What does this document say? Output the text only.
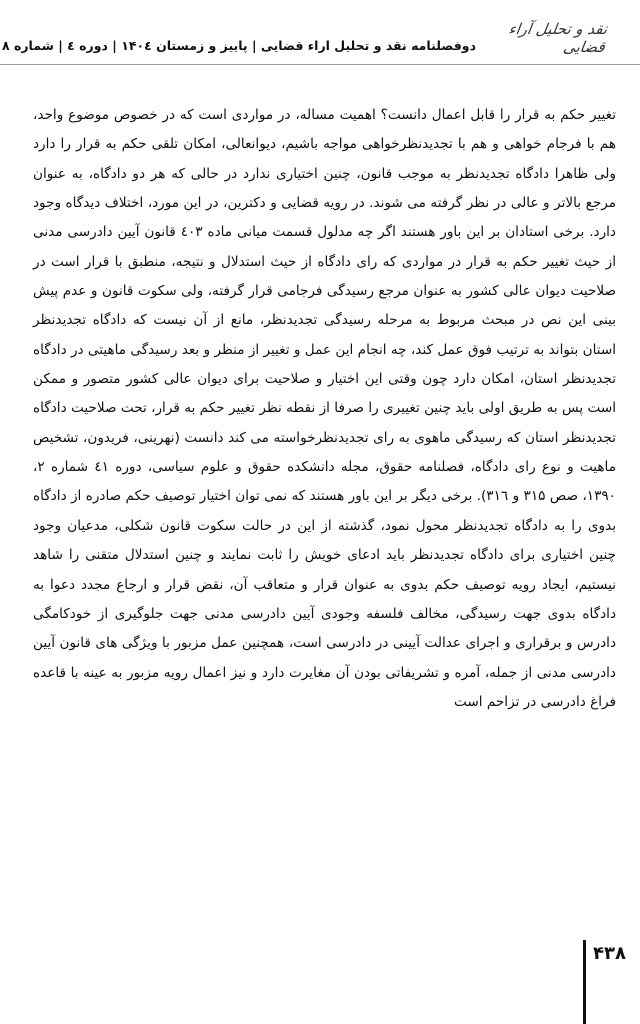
دوفصلنامه نقد و تحلیل اراء قضایی | پاییز و زمستان ۱۴۰٤ | دوره ٤ | شماره ۸
نقد و تحلیل آراء قضایی
تغییر حکم به قرار را قابل اعمال دانست؟ اهمیت مساله، در مواردی است که در خصوص موضوع واحد، هم با فرجام خواهی و هم با تجدیدنظرخواهی مواجه باشیم، دیوانعالی، امکان تلقی حکم به قرار را دارد ولی ظاهرا دادگاه تجدیدنظر به موجب قانون، چنین اختیاری ندارد در حالی که هر دو دادگاه، به عنوان مرجع بالاتر و عالی در نظر گرفته می شوند. در رویه قضایی و دکترین، در این مورد، اختلاف دیدگاه وجود دارد. برخی استادان بر این باور هستند اگر چه مدلول قسمت میانی ماده ٤٠۳ قانون آیین دادرسی مدنی از حیث تغییر حکم به قرار در مواردی که رای دادگاه از حیث استدلال و نتیجه، منطبق با قرار است در صلاحیت دیوان عالی کشور به عنوان مرجع رسیدگی فرجامی قرار گرفته، ولی سکوت قانون و عدم پیش بینی این نص در مبحث مربوط به مرحله رسیدگی تجدیدنظر، مانع از آن نیست که دادگاه تجدیدنظر استان بتواند به ترتیب فوق عمل کند، چه انجام این عمل و تغییر از منظر و بعد رسیدگی ماهیتی در دادگاه تجدیدنظر استان، امکان دارد چون وقتی این اختیار و صلاحیت برای دیوان عالی کشور متصور و ممکن است پس به طریق اولی باید چنین تغییری را صرفا از نقطه نظر تغییر حکم به قرار، تحت صلاحیت دادگاه تجدیدنظر استان که رسیدگی ماهوی به رای تجدیدنظرخواسته می کند دانست (نهرینی، فریدون، تشخیص ماهیت و نوع رای دادگاه، فصلنامه حقوق، مجله دانشکده حقوق و علوم سیاسی، دوره ٤۱ شماره ۲، ۱۳۹۰، صص ۳۱۵ و ۳۱٦). برخی دیگر بر این باور هستند که نمی توان اختیار توصیف حکم صادره از دادگاه بدوی را به دادگاه تجدیدنظر محول نمود، گذشته از این در حالت سکوت قانون شکلی، مدعیان وجود چنین اختیاری برای دادگاه تجدیدنظر باید ادعای خویش را ثابت نمایند و چنین استدلال متقنی را شاهد نیستیم، ایجاد رویه توصیف حکم بدوی به عنوان قرار و متعاقب آن، نقض قرار و ارجاع مجدد دعوا به دادگاه بدوی جهت رسیدگی، مخالف فلسفه وجودی آیین دادرسی مدنی جهت جلوگیری از خودکامگی دادرس و برقراری و اجرای عدالت آیینی در دادرسی است، همچنین عمل مزبور با ویژگی های قانون آیین دادرسی مدنی از جمله، آمره و تشریفاتی بودن آن مغایرت دارد و نیز اعمال رویه مزبور به عینه با قاعده فراغ دادرسی در تزاحم است
۴۳۸
